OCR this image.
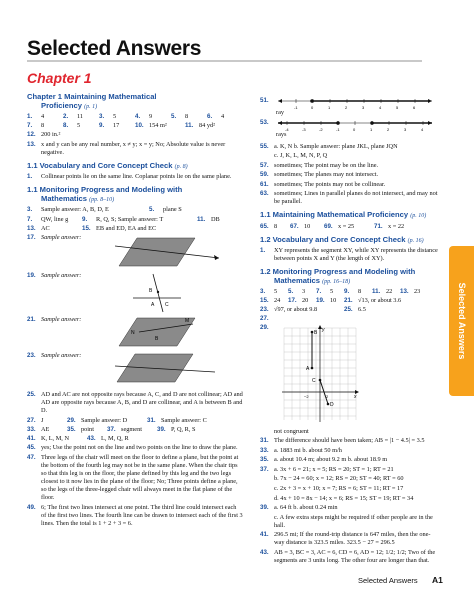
Selected Answers
Selected Answers
Chapter 1
Chapter 1 Maintaining Mathematical
Proficiency (p. 1)
1.	4	2.	11	3.	5	4.	9	5.	8	6.	4
7.	8	8.	5	9.	17	10. 154 m²	11. 84 yd²
12. 200 in.²
13. x and y can be any real number, x ≠ y; x = y; No; Absolute value is never negative.
1.1 Vocabulary and Core Concept Check (p. 8)
1.	Collinear points lie on the same line. Coplanar points lie on the same plane.
1.1 Monitoring Progress and Modeling with
Mathematics (pp. 8–10)
3.	Sample answer: A, B, D, E	5.	plane S
7.	QW, line g 9.	R, Q, S; Sample answer: T	11. DB
13. AC	15. EB and ED, EA and EC
17. Sample answer:
19. Sample answer:
B
A C
21. Sample answer:	M
N
B
23. Sample answer:
25. AD and AC are not opposite rays because A, C, and D are not collinear; AD and AD are opposite rays because A, B, and D are collinear, and A is between B and D.
27. J	29. Sample answer: D	31. Sample answer: C
33. AE	35. point 37. segment 39. P, Q, R, S
41. K, L, M, N	43. L, M, Q, R
45. yes; Use the point not on the line and two points on the line to draw the plane.
47. Three legs of the chair will meet on the floor to define a plane, but the point at the bottom of the fourth leg may not be in the same plane. When the chair tips so that this leg is on the floor, the plane defined by this leg and the two legs closest to it now lies in the plane of the floor; No; Three points define a plane, so the legs of the three-legged chair will always meet in the flat plane of the floor.
49. 6; The first two lines intersect at one point. The third line could intersect each of the first two lines. The fourth line can be drawn to intersect each of the first 3 lines. Then the total is 1 + 2 + 3 = 6.
51.
-1	0	1	2	3	4	5	6
ray
53.
-4	-3	-2	-1	0	1	2	3	4
rays
55. a. K, N b. Sample answer: plane JKL, plane JQN
c. J, K, L, M, N, P, Q
57. sometimes; The point may be on the line.
59. sometimes; The planes may not intersect.
61. sometimes; The points may not be collinear.
63. sometimes; Lines in parallel planes do not intersect, and may not be parallel.
1.1 Maintaining Mathematical Proficiency (p. 10)
65. 8 67. 10 69. x = 25	71. x = 22
1.2 Vocabulary and Core Concept Check (p. 16)
1.	XY represents the segment XY, while XY represents the distance between points X and Y (the length of XY).
1.2 Monitoring Progress and Modeling with
Mathematics (pp. 16–18)
3.	5 5.	3 7.	5 9.	8 11. 22 13. 23
15. 24 17. 20 19. 10 21. √13, or about 3.6
23. √97, or about 9.8	25. 6.5
27.
29.
B
A
C
D
y
x
2
−2
not congruent
31. The difference should have been taken; AB = |1 − 4.5| = 3.5
33. a. 1883 mi b. about 50 m/h
35. a. about 10.4 m; about 9.2 m b. about 18.9 m
37. a. 3x + 6 = 21; x = 5; RS = 20; ST = 1; RT = 21
b. 7x − 24 = 60; x = 12; RS = 20; ST = 40; RT = 60
c. 2x + 3 = x + 10; x = 7; RS = 6; ST = 11; RT = 17
d. 4x + 10 = 8x − 14; x = 6; RS = 15; ST = 19; RT = 34
39. a. 64 ft b. about 0.24 min
c. A few extra steps might be required if other people are in the hall.
41. 296.5 mi; If the round-trip distance is 647 miles, then the one-way distance is 323.5 miles. 323.5 − 27 = 296.5
43. AB = 3, BC = 3, AC = 6, CD = 6, AD = 12; 1/2; 1/2; Two of the segments are 3 units long. The other four are longer than that.
Selected Answers A1
